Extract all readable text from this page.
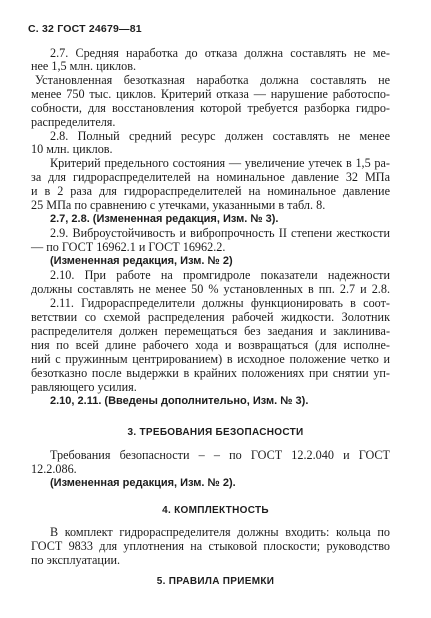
С. 32 ГОСТ 24679—81
2.7. Средняя наработка до отказа должна составлять не ме-
нее 1,5 млн. циклов.
Установленная безотказная наработка должна составлять не
менее 750 тыс. циклов. Критерий отказа — нарушение работоспо-
собности, для восстановления которой требуется разборка гидро-
распределителя.
2.8. Полный средний ресурс должен составлять не менее
10 млн. циклов.
Критерий предельного состояния — увеличение утечек в 1,5 ра-
за для гидрораспределителей на номинальное давление 32 МПа
и в 2 раза для гидрораспределителей на номинальное давление
25 МПа по сравнению с утечками, указанными в табл. 8.
2.7, 2.8. (Измененная редакция, Изм. № 3).
2.9. Виброустойчивость и вибропрочность II степени жесткости
— по ГОСТ 16962.1 и ГОСТ 16962.2.
(Измененная редакция, Изм. № 2)
2.10. При работе на промгидроле показатели надежности
должны составлять не менее 50 % установленных в пп. 2.7 и 2.8.
2.11. Гидрораспределители должны функционировать в соот-
ветствии со схемой распределения рабочей жидкости. Золотник
распределителя должен перемещаться без заедания и заклинива-
ния по всей длине рабочего хода и возвращаться (для исполне-
ний с пружинным центрированием) в исходное положение четко и
безотказно после выдержки в крайних положениях при снятии уп-
равляющего усилия.
2.10, 2.11. (Введены дополнительно, Изм. № 3).
3. ТРЕБОВАНИЯ БЕЗОПАСНОСТИ
Требования безопасности – – по ГОСТ 12.2.040 и ГОСТ
12.2.086.
(Измененная редакция, Изм. № 2).
4. КОМПЛЕКТНОСТЬ
В комплект гидрораспределителя должны входить: кольца по
ГОСТ 9833 для уплотнения на стыковой плоскости; руководство
по эксплуатации.
5. ПРАВИЛА ПРИЕМКИ
